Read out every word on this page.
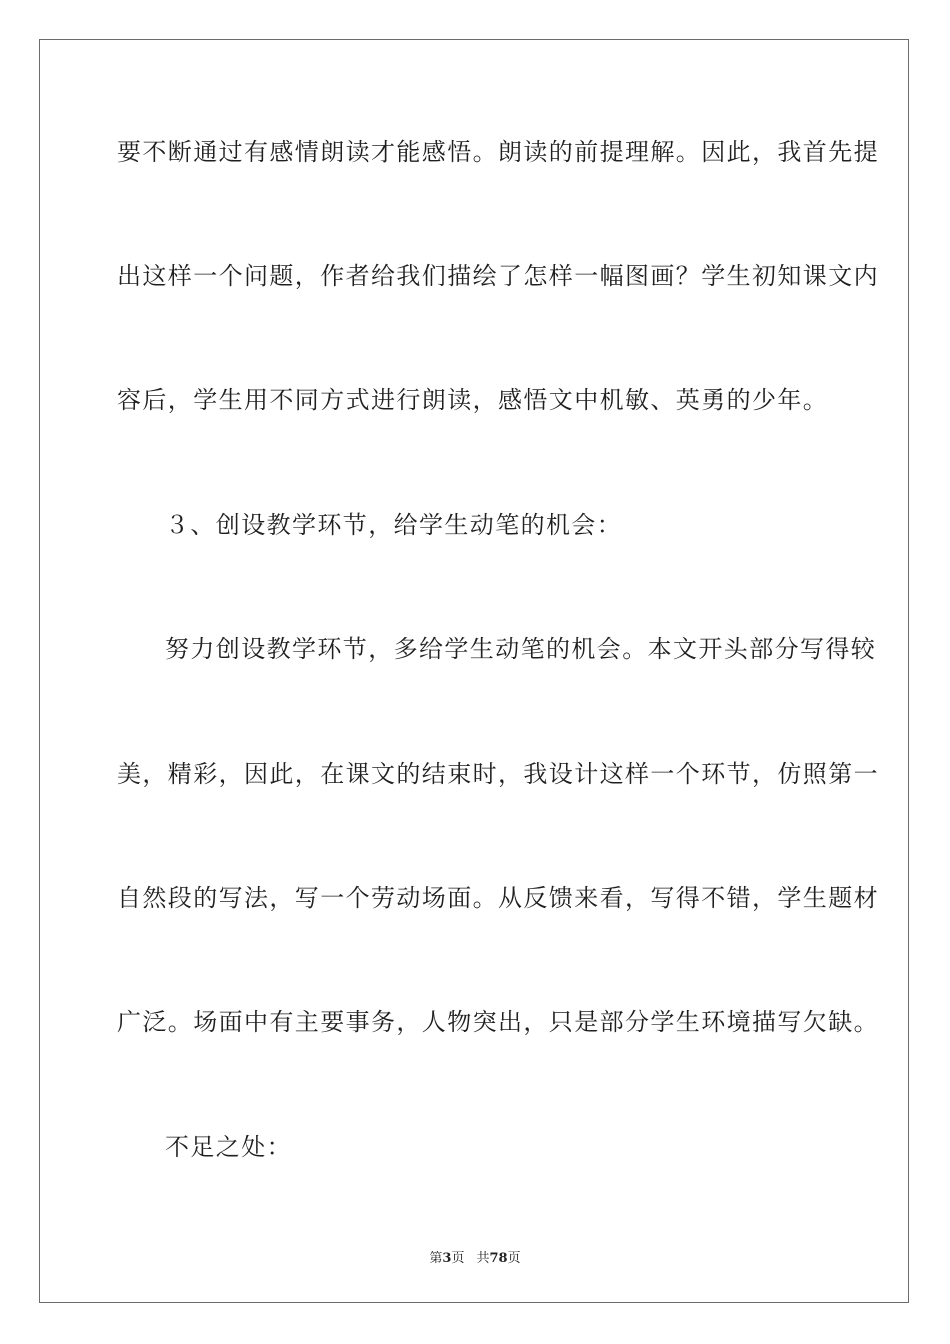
要不断通过有感情朗读才能感悟。朗读的前提理解。因此，我首先提
出这样一个问题，作者给我们描绘了怎样一幅图画？学生初知课文内
容后，学生用不同方式进行朗读，感悟文中机敏、英勇的少年。
３、创设教学环节，给学生动笔的机会：
努力创设教学环节，多给学生动笔的机会。本文开头部分写得较
美，精彩，因此，在课文的结束时，我设计这样一个环节，仿照第一
自然段的写法，写一个劳动场面。从反馈来看，写得不错，学生题材
广泛。场面中有主要事务，人物突出，只是部分学生环境描写欠缺。
不足之处：
第3页 共78页
